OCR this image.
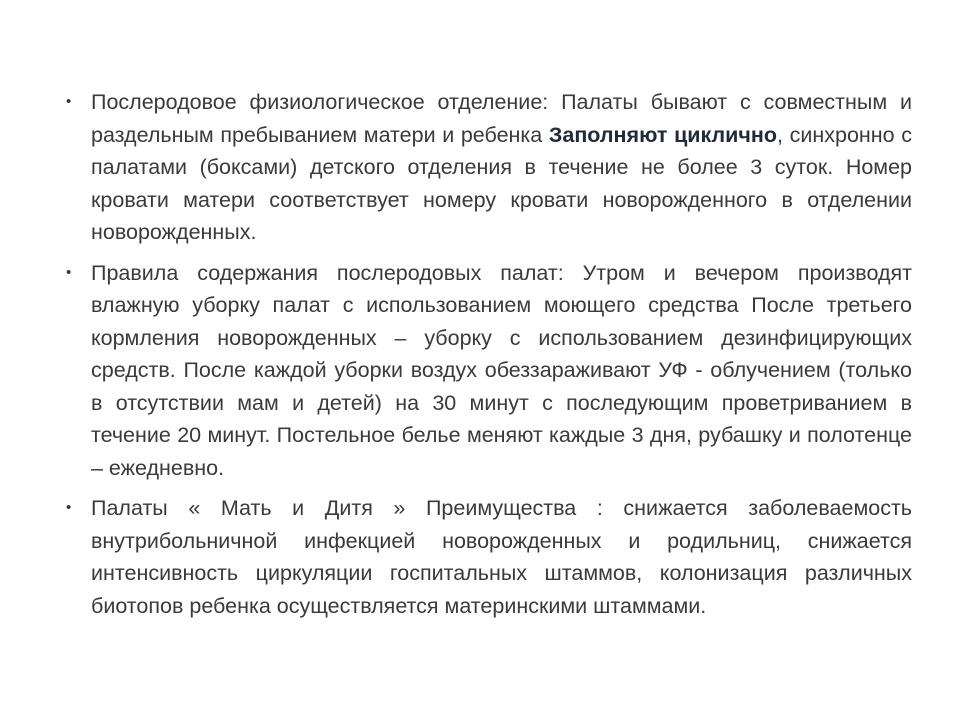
• Послеродовое физиологическое отделение: Палаты бывают с совместным и раздельным пребыванием матери и ребенка Заполняют циклично, синхронно с палатами (боксами) детского отделения в течение не более 3 суток. Номер кровати матери соответствует номеру кровати новорожденного в отделении новорожденных.
• Правила содержания послеродовых палат: Утром и вечером производят влажную уборку палат с использованием моющего средства После третьего кормления новорожденных – уборку с использованием дезинфицирующих средств. После каждой уборки воздух обеззараживают УФ - облучением (только в отсутствии мам и детей) на 30 минут с последующим проветриванием в течение 20 минут. Постельное белье меняют каждые 3 дня, рубашку и полотенце – ежедневно.
• Палаты « Мать и Дитя » Преимущества : снижается заболеваемость внутрибольничной инфекцией новорожденных и родильниц, снижается интенсивность циркуляции госпитальных штаммов, колонизация различных биотопов ребенка осуществляется материнскими штаммами.
